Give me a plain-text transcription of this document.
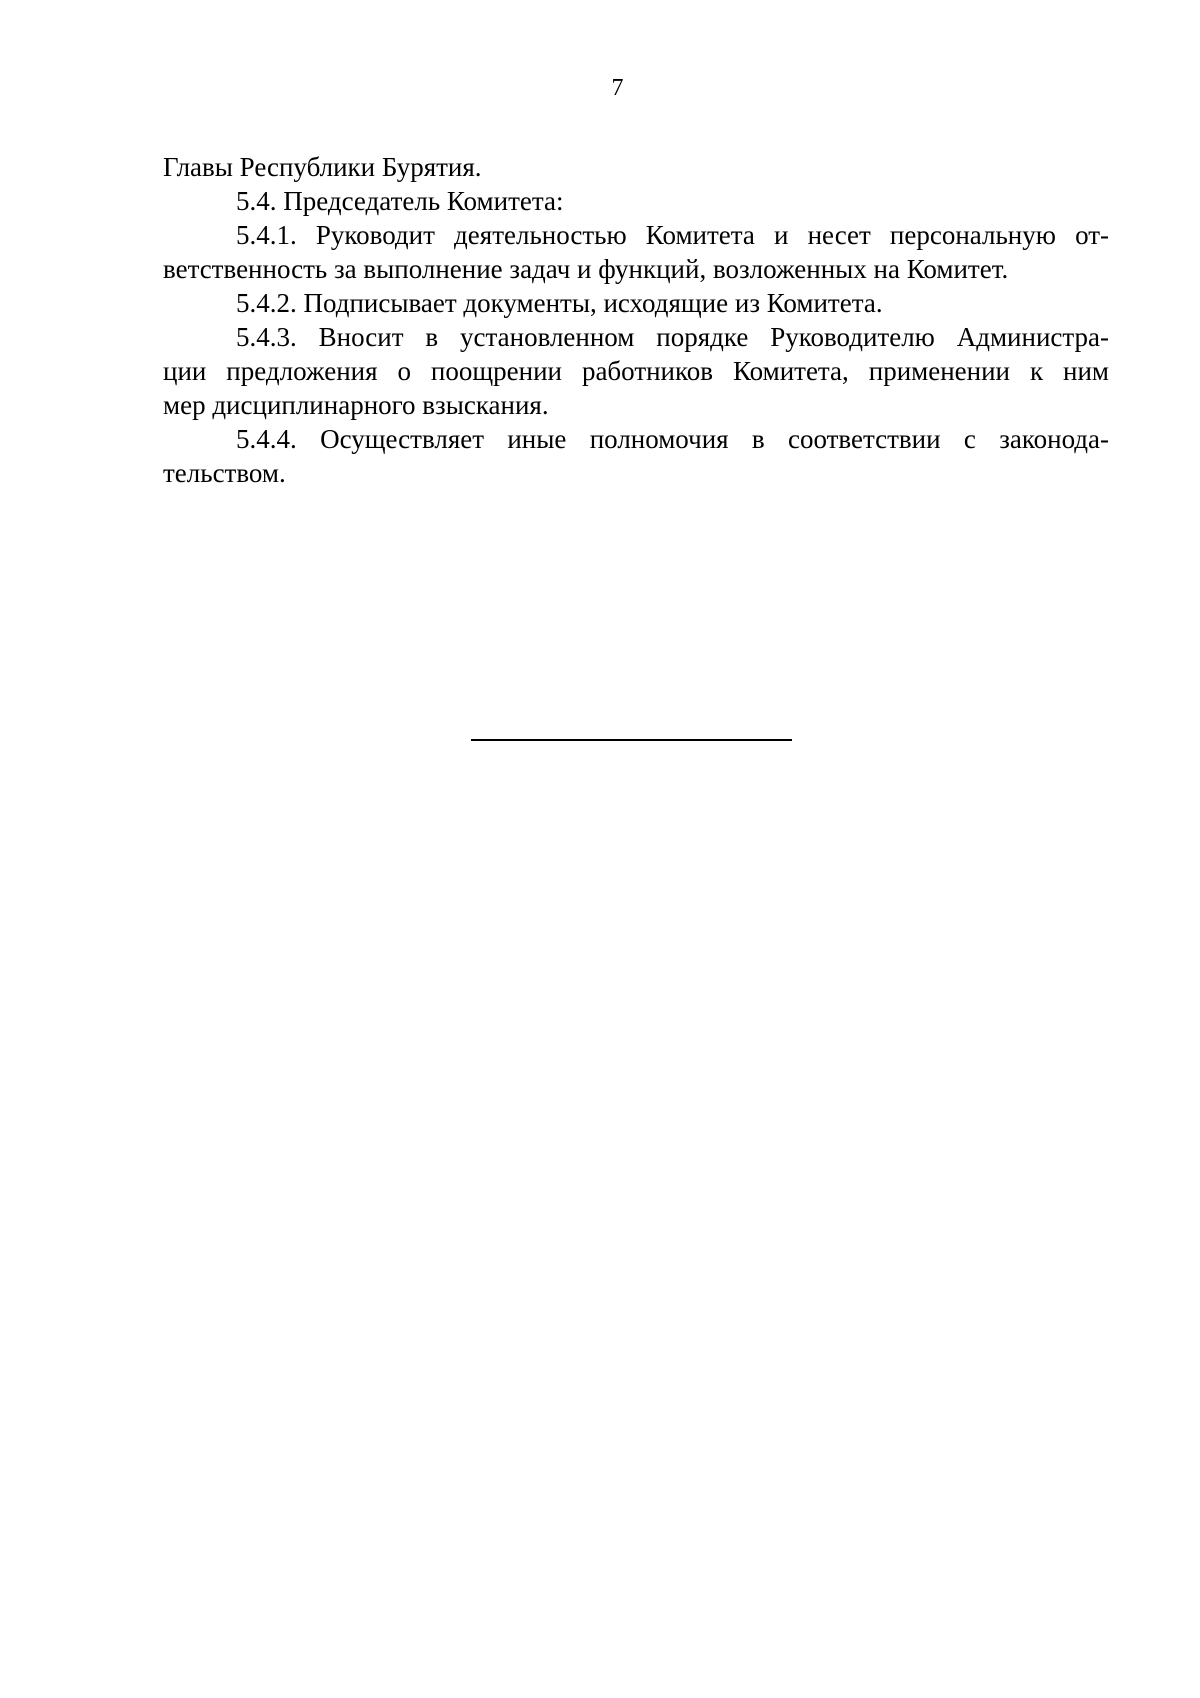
7
Главы Республики Бурятия.
5.4. Председатель Комитета:
5.4.1. Руководит деятельностью Комитета и несет персональную от-
ветственность за выполнение задач и функций, возложенных на Комитет.
5.4.2. Подписывает документы, исходящие из Комитета.
5.4.3. Вносит в установленном порядке Руководителю Администра-
ции предложения о поощрении работников Комитета, применении к ним
мер дисциплинарного взыскания.
5.4.4. Осуществляет иные полномочия в соответствии с законода-
тельством.
